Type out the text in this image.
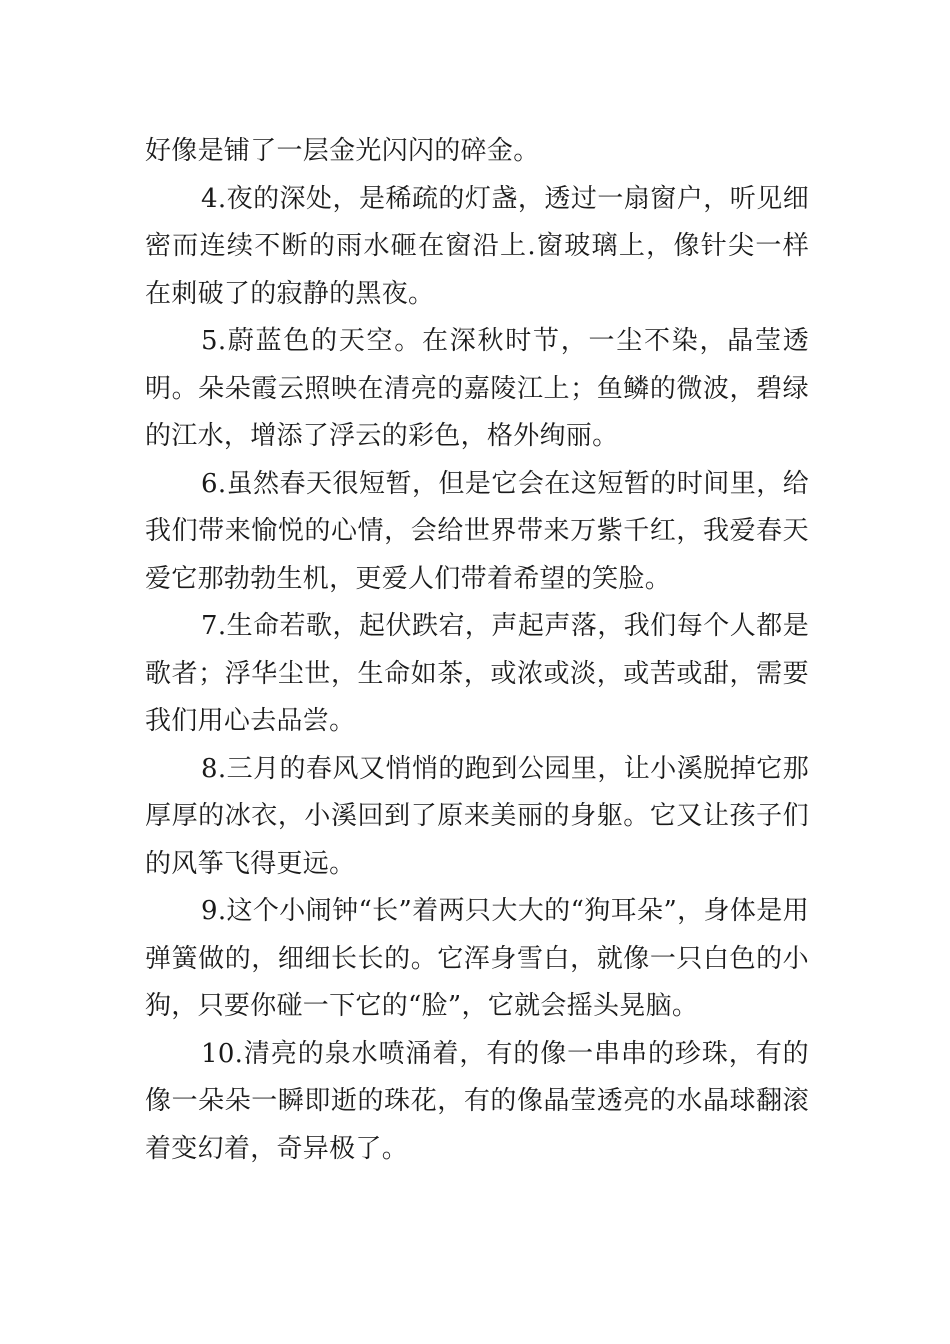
好像是铺了一层金光闪闪的碎金。

4.夜的深处，是稀疏的灯盏，透过一扇窗户，听见细密而连续不断的雨水砸在窗沿上.窗玻璃上，像针尖一样在刺破了的寂静的黑夜。

5.蔚蓝色的天空。在深秋时节，一尘不染，晶莹透明。朵朵霞云照映在清亮的嘉陵江上；鱼鳞的微波，碧绿的江水，增添了浮云的彩色，格外绚丽。

6.虽然春天很短暂，但是它会在这短暂的时间里，给我们带来愉悦的心情，会给世界带来万紫千红，我爱春天爱它那勃勃生机，更爱人们带着希望的笑脸。

7.生命若歌，起伏跌宕，声起声落，我们每个人都是歌者；浮华尘世，生命如茶，或浓或淡，或苦或甜，需要我们用心去品尝。

8.三月的春风又悄悄的跑到公园里，让小溪脱掉它那厚厚的冰衣，小溪回到了原来美丽的身躯。它又让孩子们的风筝飞得更远。

9.这个小闹钟“长”着两只大大的“狗耳朵”，身体是用弹簧做的，细细长长的。它浑身雪白，就像一只白色的小狗，只要你碰一下它的“脸”，它就会摇头晃脑。

10.清亮的泉水喷涌着，有的像一串串的珍珠，有的像一朵朵一瞬即逝的珠花，有的像晶莹透亮的水晶球翻滚着变幻着，奇异极了。
